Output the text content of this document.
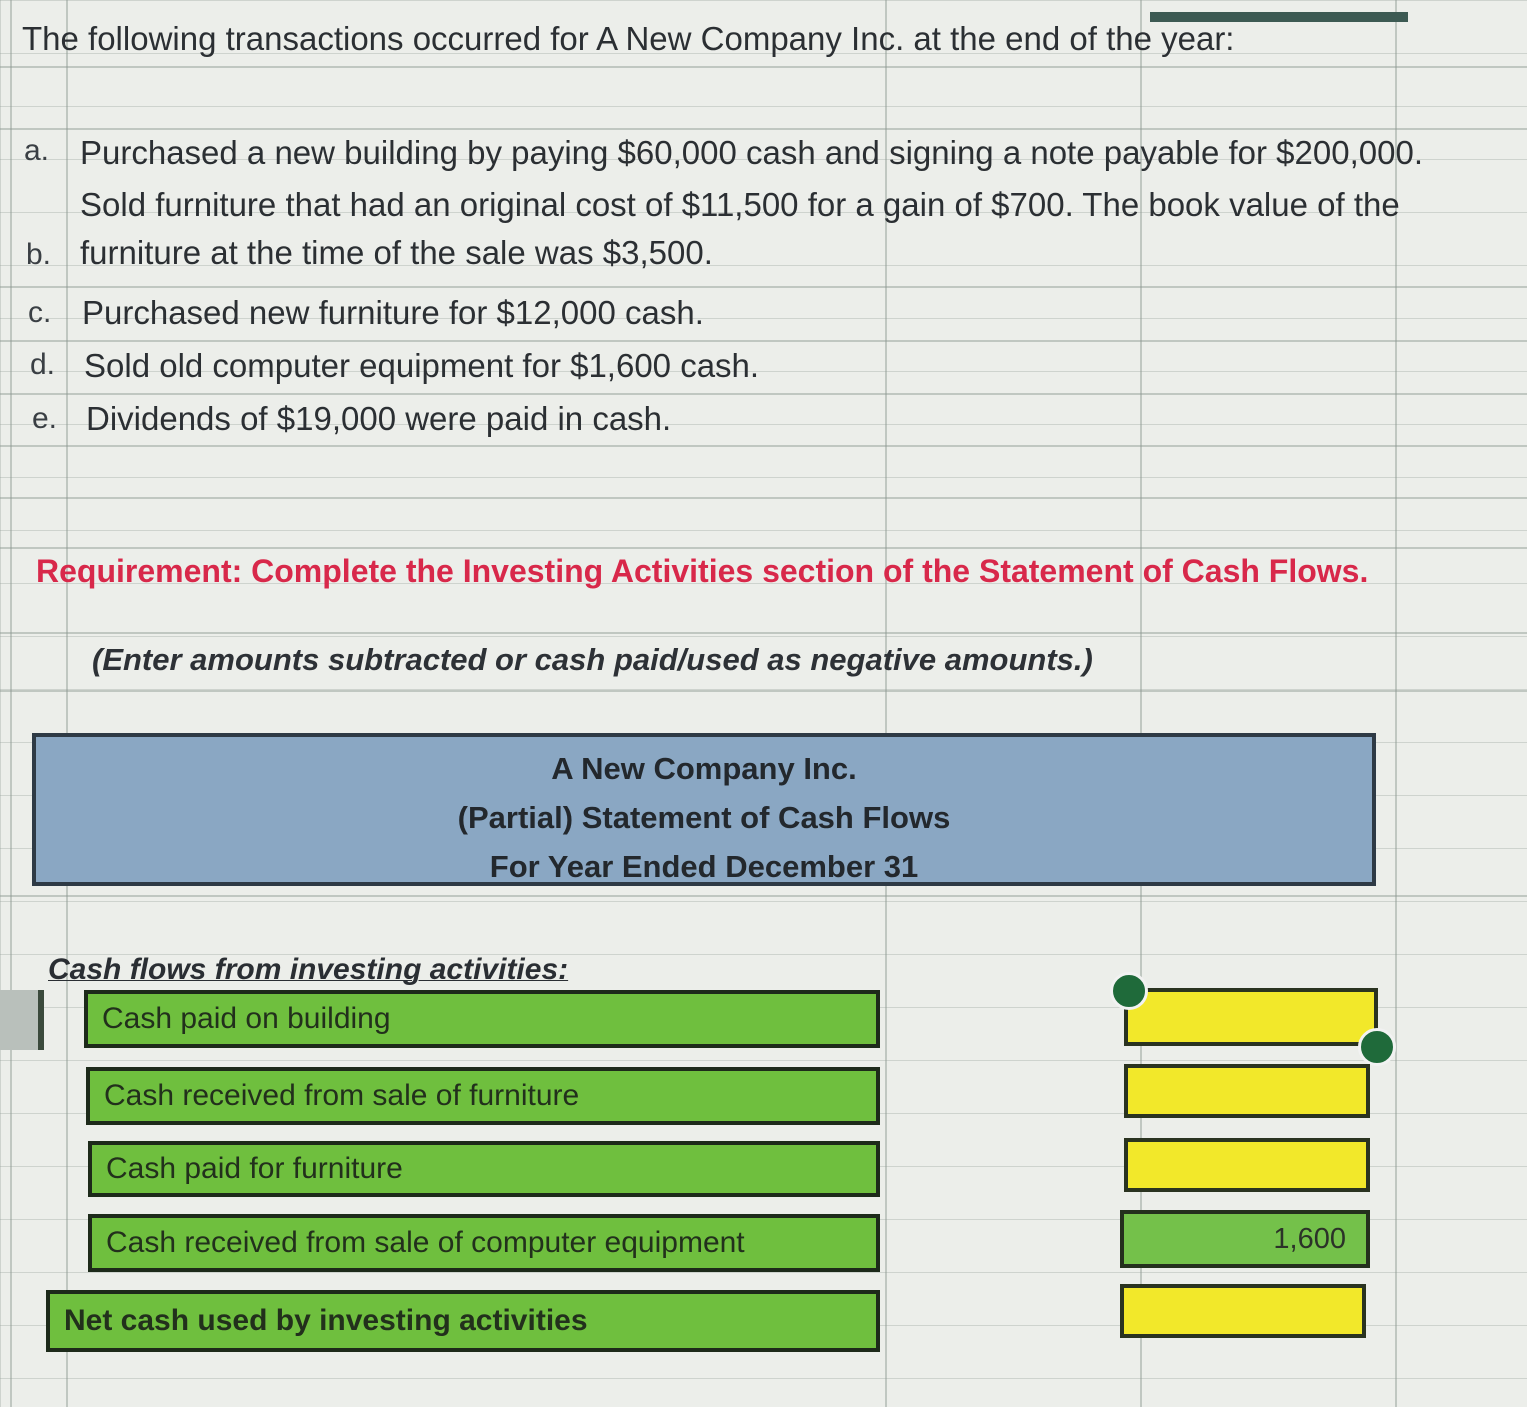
The following transactions occurred for A New Company Inc. at the end of the year:
a. Purchased a new building by paying $60,000 cash and signing a note payable for $200,000.
Sold furniture that had an original cost of $11,500 for a gain of $700. The book value of the
b. furniture at the time of the sale was $3,500.
c. Purchased new furniture for $12,000 cash.
d. Sold old computer equipment for $1,600 cash.
e. Dividends of $19,000 were paid in cash.
Requirement: Complete the Investing Activities section of the Statement of Cash Flows.
(Enter amounts subtracted or cash paid/used as negative amounts.)
A New Company Inc.
(Partial) Statement of Cash Flows
For Year Ended December 31
Cash flows from investing activities:
Cash paid on building
Cash received from sale of furniture
Cash paid for furniture
Cash received from sale of computer equipment
Net cash used by investing activities
1,600
